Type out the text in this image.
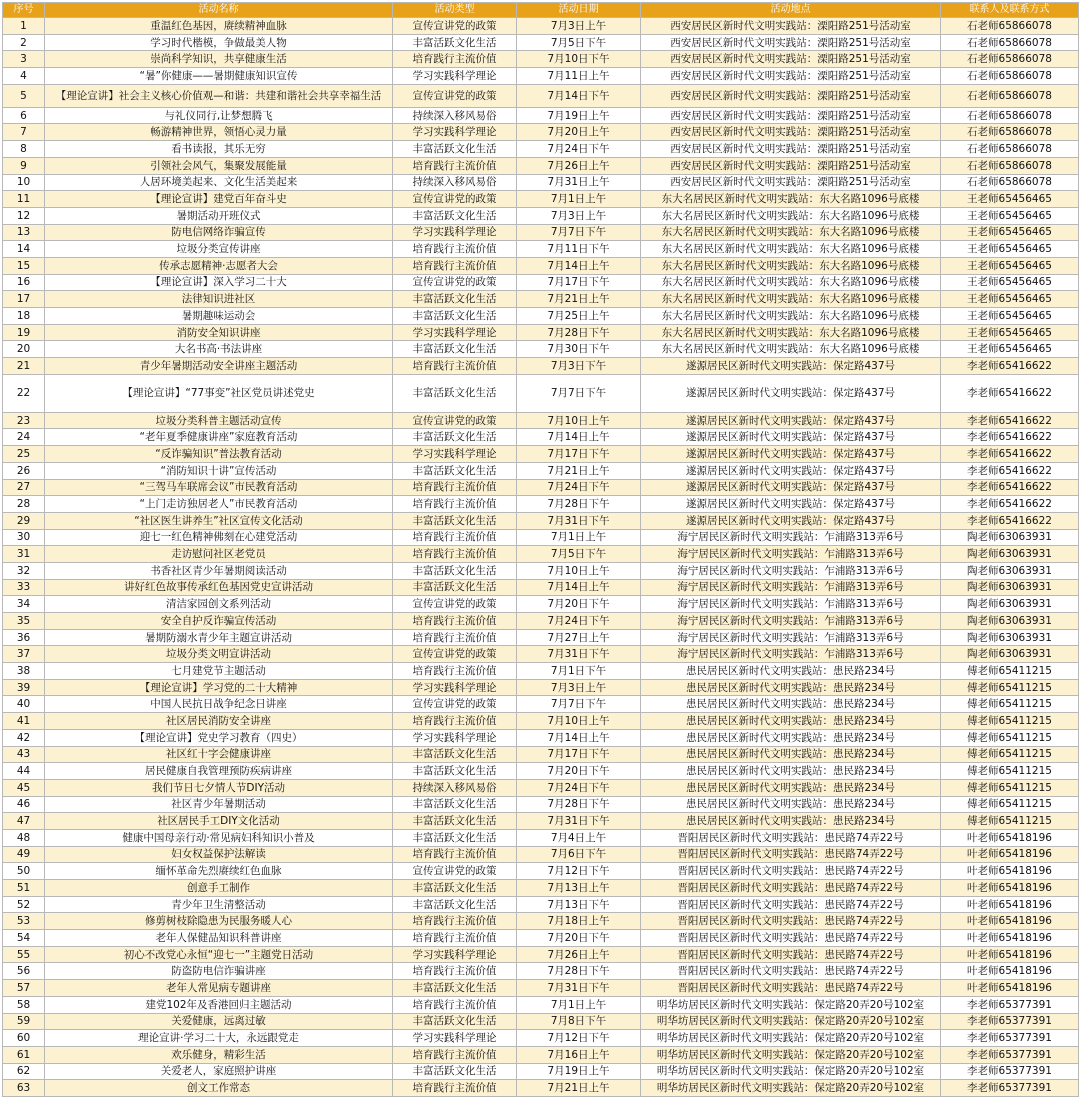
序号	活动名称	活动类型	活动日期	活动地点	联系人及联系方式
1	重温红色基因，赓续精神血脉	宣传宣讲党的政策	7月3日上午	西安居民区新时代文明实践站：溧阳路251号活动室	石老师65866078
2	学习时代楷模，争做最美人物	丰富活跃文化生活	7月5日下午	西安居民区新时代文明实践站：溧阳路251号活动室	石老师65866078
3	崇尚科学知识，共享健康生活	培育践行主流价值	7月10日下午	西安居民区新时代文明实践站：溧阳路251号活动室	石老师65866078
4	“暑”你健康——暑期健康知识宣传	学习实践科学理论	7月11日上午	西安居民区新时代文明实践站：溧阳路251号活动室	石老师65866078
5	【理论宣讲】社会主义核心价值观—和谐：共建和谐社会共享幸福生活	宣传宣讲党的政策	7月14日下午	西安居民区新时代文明实践站：溧阳路251号活动室	石老师65866078
6	与礼仪同行,让梦想腾飞	持续深入移风易俗	7月19日上午	西安居民区新时代文明实践站：溧阳路251号活动室	石老师65866078
7	畅游精神世界，领悟心灵力量	学习实践科学理论	7月20日上午	西安居民区新时代文明实践站：溧阳路251号活动室	石老师65866078
8	看书读报，其乐无穷	丰富活跃文化生活	7月24日下午	西安居民区新时代文明实践站：溧阳路251号活动室	石老师65866078
9	引领社会风气，集聚发展能量	培育践行主流价值	7月26日上午	西安居民区新时代文明实践站：溧阳路251号活动室	石老师65866078
10	人居环境美起来、文化生活美起来	持续深入移风易俗	7月31日上午	西安居民区新时代文明实践站：溧阳路251号活动室	石老师65866078
11	【理论宣讲】建党百年奋斗史	宣传宣讲党的政策	7月1日上午	东大名居民区新时代文明实践站：东大名路1096号底楼	王老师65456465
12	暑期活动开班仪式	丰富活跃文化生活	7月3日上午	东大名居民区新时代文明实践站：东大名路1096号底楼	王老师65456465
13	防电信网络诈骗宣传	学习实践科学理论	7月7日下午	东大名居民区新时代文明实践站：东大名路1096号底楼	王老师65456465
14	垃圾分类宣传讲座	培育践行主流价值	7月11日下午	东大名居民区新时代文明实践站：东大名路1096号底楼	王老师65456465
15	传承志愿精神·志愿者大会	培育践行主流价值	7月14日上午	东大名居民区新时代文明实践站：东大名路1096号底楼	王老师65456465
16	【理论宣讲】深入学习二十大	宣传宣讲党的政策	7月17日下午	东大名居民区新时代文明实践站：东大名路1096号底楼	王老师65456465
17	法律知识进社区	丰富活跃文化生活	7月21日上午	东大名居民区新时代文明实践站：东大名路1096号底楼	王老师65456465
18	暑期趣味运动会	丰富活跃文化生活	7月25日上午	东大名居民区新时代文明实践站：东大名路1096号底楼	王老师65456465
19	消防安全知识讲座	学习实践科学理论	7月28日下午	东大名居民区新时代文明实践站：东大名路1096号底楼	王老师65456465
20	大名书高·书法讲座	丰富活跃文化生活	7月30日下午	东大名居民区新时代文明实践站：东大名路1096号底楼	王老师65456465
21	青少年暑期活动安全讲座主题活动	培育践行主流价值	7月3日下午	遂源居民区新时代文明实践站：保定路437号	李老师65416622
22	【理论宣讲】“77事变”社区党员讲述党史	丰富活跃文化生活	7月7日下午	遂源居民区新时代文明实践站：保定路437号	李老师65416622
23	垃圾分类科普主题活动宣传	宣传宣讲党的政策	7月10日上午	遂源居民区新时代文明实践站：保定路437号	李老师65416622
24	“老年夏季健康讲座”家庭教育活动	丰富活跃文化生活	7月14日上午	遂源居民区新时代文明实践站：保定路437号	李老师65416622
25	“反诈骗知识”普法教育活动	学习实践科学理论	7月17日下午	遂源居民区新时代文明实践站：保定路437号	李老师65416622
26	“消防知识十讲”宣传活动	丰富活跃文化生活	7月21日上午	遂源居民区新时代文明实践站：保定路437号	李老师65416622
27	“三驾马车联席会议”市民教育活动	培育践行主流价值	7月24日下午	遂源居民区新时代文明实践站：保定路437号	李老师65416622
28	“上门走访独居老人”市民教育活动	培育践行主流价值	7月28日下午	遂源居民区新时代文明实践站：保定路437号	李老师65416622
29	“社区医生讲养生”社区宣传文化活动	丰富活跃文化生活	7月31日下午	遂源居民区新时代文明实践站：保定路437号	李老师65416622
30	迎七一红色精神佛刻在心建党活动	培育践行主流价值	7月1日上午	海宁居民区新时代文明实践站：乍浦路313弄6号	陶老师63063931
31	走访慰问社区老党员	培育践行主流价值	7月5日下午	海宁居民区新时代文明实践站：乍浦路313弄6号	陶老师63063931
32	书香社区青少年暑期阅读活动	丰富活跃文化生活	7月10日上午	海宁居民区新时代文明实践站：乍浦路313弄6号	陶老师63063931
33	讲好红色故事传承红色基因党史宣讲活动	丰富活跃文化生活	7月14日上午	海宁居民区新时代文明实践站：乍浦路313弄6号	陶老师63063931
34	清洁家园创文系列活动	宣传宣讲党的政策	7月20日下午	海宁居民区新时代文明实践站：乍浦路313弄6号	陶老师63063931
35	安全自护反诈骗宣传活动	培育践行主流价值	7月24日下午	海宁居民区新时代文明实践站：乍浦路313弄6号	陶老师63063931
36	暑期防溺水青少年主题宣讲活动	培育践行主流价值	7月27日上午	海宁居民区新时代文明实践站：乍浦路313弄6号	陶老师63063931
37	垃圾分类文明宣讲活动	宣传宣讲党的政策	7月31日下午	海宁居民区新时代文明实践站：乍浦路313弄6号	陶老师63063931
38	七月建党节主题活动	培育践行主流价值	7月1日下午	患民居民区新时代文明实践站：患民路234号	傅老师65411215
39	【理论宣讲】学习党的二十大精神	学习实践科学理论	7月3日上午	患民居民区新时代文明实践站：患民路234号	傅老师65411215
40	中国人民抗日战争纪念日讲座	宣传宣讲党的政策	7月7日下午	患民居民区新时代文明实践站：患民路234号	傅老师65411215
41	社区居民消防安全讲座	培育践行主流价值	7月10日上午	患民居民区新时代文明实践站：患民路234号	傅老师65411215
42	【理论宣讲】党史学习教育（四史）	学习实践科学理论	7月14日上午	患民居民区新时代文明实践站：患民路234号	傅老师65411215
43	社区红十字会健康讲座	丰富活跃文化生活	7月17日下午	患民居民区新时代文明实践站：患民路234号	傅老师65411215
44	居民健康自我管理预防疾病讲座	丰富活跃文化生活	7月20日下午	患民居民区新时代文明实践站：患民路234号	傅老师65411215
45	我们节日七夕情人节DIY活动	持续深入移风易俗	7月24日下午	患民居民区新时代文明实践站：患民路234号	傅老师65411215
46	社区青少年暑期活动	丰富活跃文化生活	7月28日下午	患民居民区新时代文明实践站：患民路234号	傅老师65411215
47	社区居民手工DIY文化活动	丰富活跃文化生活	7月31日下午	患民居民区新时代文明实践站：患民路234号	傅老师65411215
48	健康中国母亲行动·常见病妇科知识小普及	丰富活跃文化生活	7月4日上午	晋阳居民区新时代文明实践站：患民路74弄22号	叶老师65418196
49	妇女权益保护法解读	培育践行主流价值	7月6日下午	晋阳居民区新时代文明实践站：患民路74弄22号	叶老师65418196
50	缅怀革命先烈赓续红色血脉	宣传宣讲党的政策	7月12日下午	晋阳居民区新时代文明实践站：患民路74弄22号	叶老师65418196
51	创意手工制作	丰富活跃文化生活	7月13日上午	晋阳居民区新时代文明实践站：患民路74弄22号	叶老师65418196
52	青少年卫生清整活动	丰富活跃文化生活	7月13日下午	晋阳居民区新时代文明实践站：患民路74弄22号	叶老师65418196
53	修剪树枝除隐患为民服务暖人心	培育践行主流价值	7月18日上午	晋阳居民区新时代文明实践站：患民路74弄22号	叶老师65418196
54	老年人保健品知识科普讲座	培育践行主流价值	7月20日下午	晋阳居民区新时代文明实践站：患民路74弄22号	叶老师65418196
55	初心不改党心永恒“迎七一”主题党日活动	学习实践科学理论	7月26日上午	晋阳居民区新时代文明实践站：患民路74弄22号	叶老师65418196
56	防盗防电信诈骗讲座	培育践行主流价值	7月28日下午	晋阳居民区新时代文明实践站：患民路74弄22号	叶老师65418196
57	老年人常见病专题讲座	丰富活跃文化生活	7月31日下午	晋阳居民区新时代文明实践站：患民路74弄22号	叶老师65418196
58	建党102年及香港回归主题活动	培育践行主流价值	7月1日上午	明华坊居民区新时代文明实践站：保定路20弄20号102室	李老师65377391
59	关爱健康，远离过敏	丰富活跃文化生活	7月8日下午	明华坊居民区新时代文明实践站：保定路20弄20号102室	李老师65377391
60	理论宣讲·学习二十大，永远跟党走	学习实践科学理论	7月12日下午	明华坊居民区新时代文明实践站：保定路20弄20号102室	李老师65377391
61	欢乐健身，精彩生活	培育践行主流价值	7月16日上午	明华坊居民区新时代文明实践站：保定路20弄20号102室	李老师65377391
62	关爱老人，家庭照护讲座	丰富活跃文化生活	7月19日上午	明华坊居民区新时代文明实践站：保定路20弄20号102室	李老师65377391
63	创文工作常态	培育践行主流价值	7月21日上午	明华坊居民区新时代文明实践站：保定路20弄20号102室	李老师65377391
